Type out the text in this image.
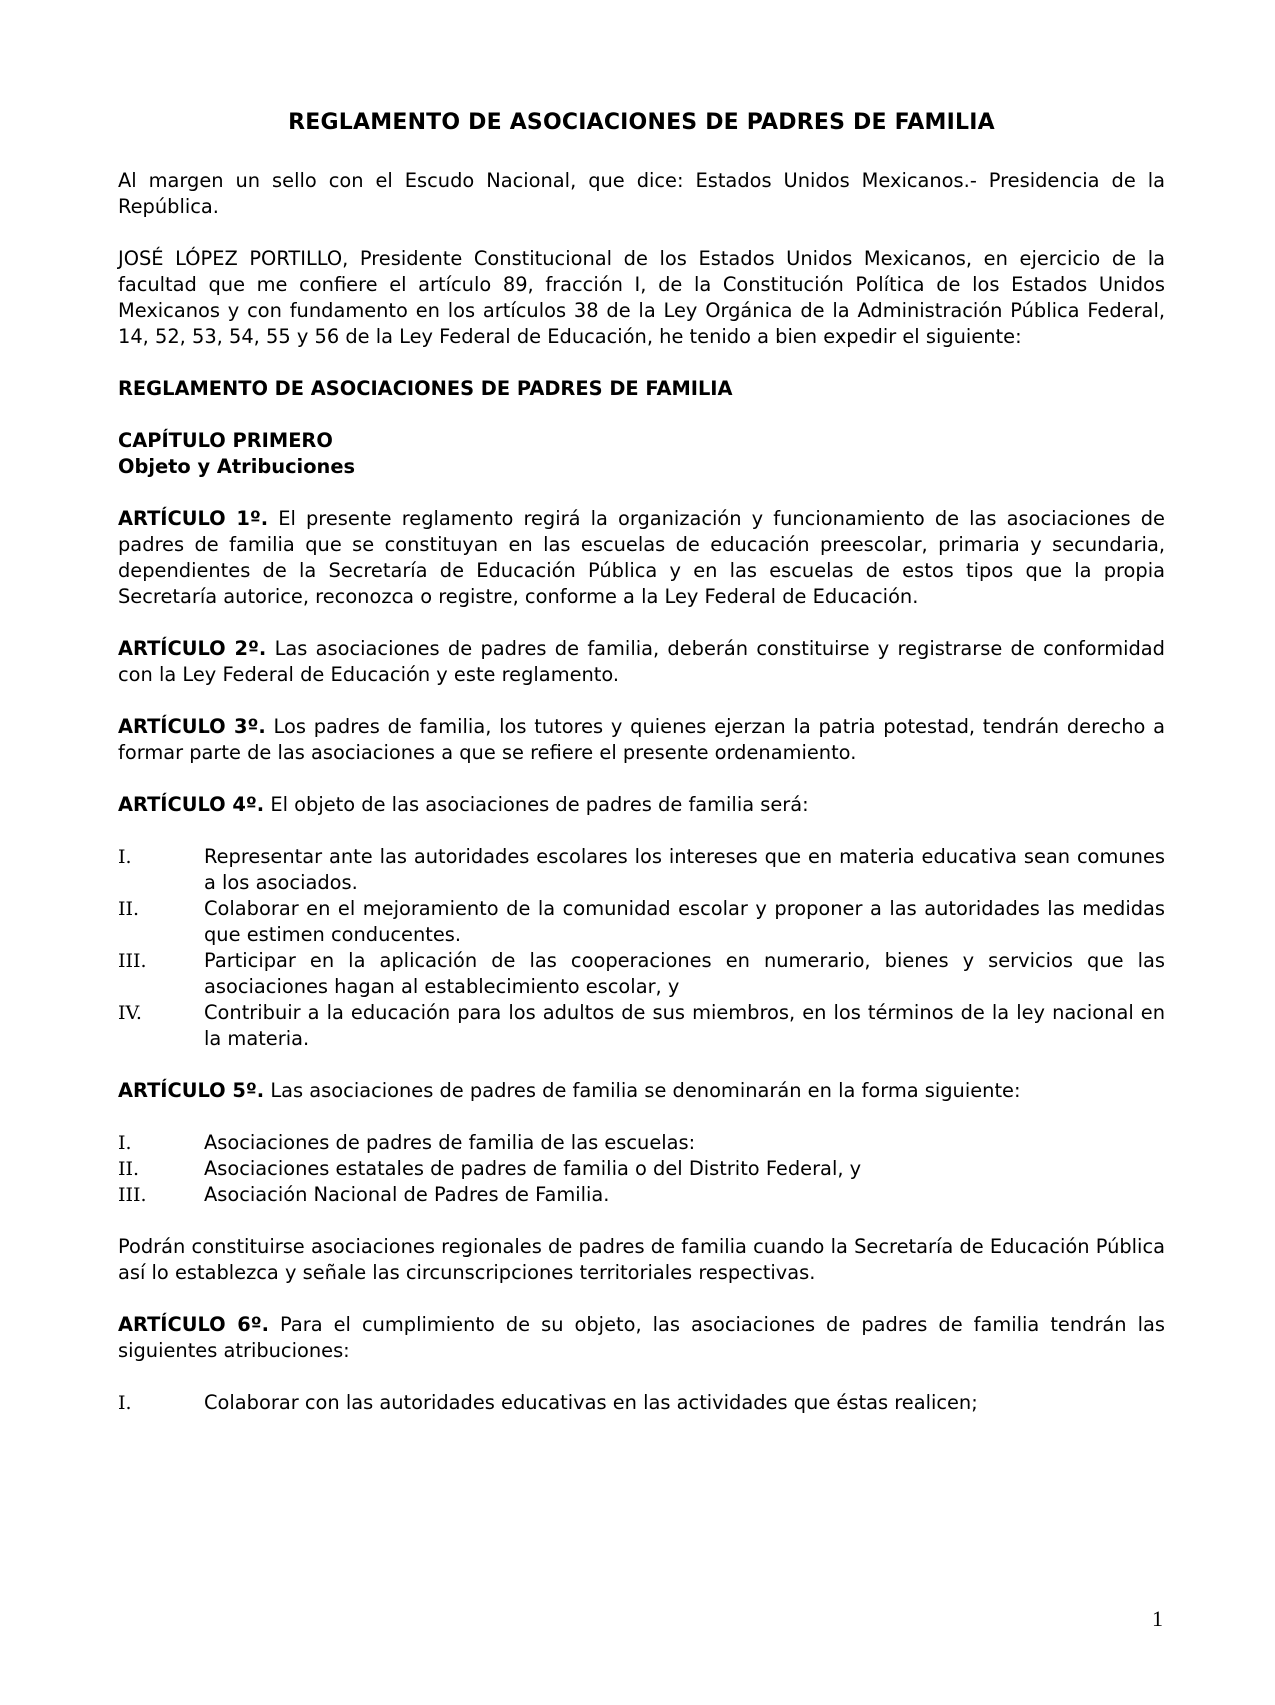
REGLAMENTO DE ASOCIACIONES DE PADRES DE FAMILIA

Al margen un sello con el Escudo Nacional, que dice: Estados Unidos Mexicanos.- Presidencia de la República.

JOSÉ LÓPEZ PORTILLO, Presidente Constitucional de los Estados Unidos Mexicanos, en ejercicio de la facultad que me confiere el artículo 89, fracción I, de la Constitución Política de los Estados Unidos Mexicanos y con fundamento en los artículos 38 de la Ley Orgánica de la Administración Pública Federal, 14, 52, 53, 54, 55 y 56 de la Ley Federal de Educación, he tenido a bien expedir el siguiente:

REGLAMENTO DE ASOCIACIONES DE PADRES DE FAMILIA
CAPÍTULO PRIMERO
Objeto y Atribuciones

ARTÍCULO 1º. El presente reglamento regirá la organización y funcionamiento de las asociaciones de padres de familia que se constituyan en las escuelas de educación preescolar, primaria y secundaria, dependientes de la Secretaría de Educación Pública y en las escuelas de estos tipos que la propia Secretaría autorice, reconozca o registre, conforme a la Ley Federal de Educación.

ARTÍCULO 2º. Las asociaciones de padres de familia, deberán constituirse y registrarse de conformidad con la Ley Federal de Educación y este reglamento.

ARTÍCULO 3º. Los padres de familia, los tutores y quienes ejerzan la patria potestad, tendrán derecho a formar parte de las asociaciones a que se refiere el presente ordenamiento.

ARTÍCULO 4º. El objeto de las asociaciones de padres de familia será:

I.	Representar ante las autoridades escolares los intereses que en materia educativa sean comunes a los asociados.
II.	Colaborar en el mejoramiento de la comunidad escolar y proponer a las autoridades las medidas que estimen conducentes.
III.	Participar en la aplicación de las cooperaciones en numerario, bienes y servicios que las asociaciones hagan al establecimiento escolar, y
IV.	Contribuir a la educación para los adultos de sus miembros, en los términos de la ley nacional en la materia.

ARTÍCULO 5º. Las asociaciones de padres de familia se denominarán en la forma siguiente:

I.	Asociaciones de padres de familia de las escuelas:
II.	Asociaciones estatales de padres de familia o del Distrito Federal, y
III.	Asociación Nacional de Padres de Familia.

Podrán constituirse asociaciones regionales de padres de familia cuando la Secretaría de Educación Pública así lo establezca y señale las circunscripciones territoriales respectivas.

ARTÍCULO 6º. Para el cumplimiento de su objeto, las asociaciones de padres de familia tendrán las siguientes atribuciones:

I.	Colaborar con las autoridades educativas en las actividades que éstas realicen;
1
